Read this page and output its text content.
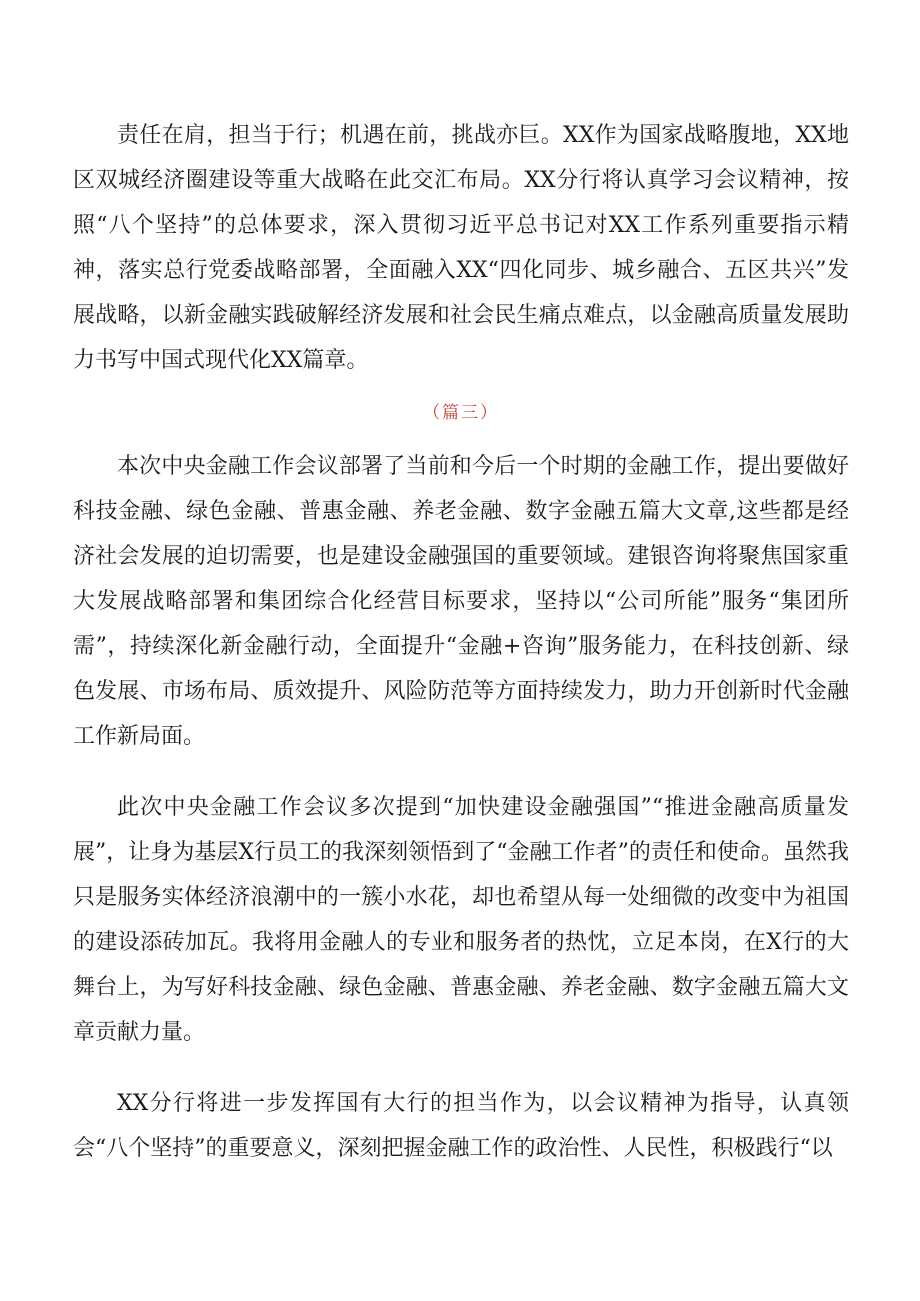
责任在肩，担当于行；机遇在前，挑战亦巨。XX作为国家战略腹地，XX地区双城经济圈建设等重大战略在此交汇布局。XX分行将认真学习会议精神，按照“八个坚持”的总体要求，深入贯彻习近平总书记对XX工作系列重要指示精神，落实总行党委战略部署，全面融入XX“四化同步、城乡融合、五区共兴”发展战略，以新金融实践破解经济发展和社会民生痛点难点，以金融高质量发展助力书写中国式现代化XX篇章。

（篇三）

本次中央金融工作会议部署了当前和今后一个时期的金融工作，提出要做好科技金融、绿色金融、普惠金融、养老金融、数字金融五篇大文章,这些都是经济社会发展的迫切需要，也是建设金融强国的重要领域。建银咨询将聚焦国家重大发展战略部署和集团综合化经营目标要求，坚持以“公司所能”服务“集团所需”，持续深化新金融行动，全面提升“金融+咨询”服务能力，在科技创新、绿色发展、市场布局、质效提升、风险防范等方面持续发力，助力开创新时代金融工作新局面。

此次中央金融工作会议多次提到“加快建设金融强国”“推进金融高质量发展”，让身为基层X行员工的我深刻领悟到了“金融工作者”的责任和使命。虽然我只是服务实体经济浪潮中的一簇小水花，却也希望从每一处细微的改变中为祖国的建设添砖加瓦。我将用金融人的专业和服务者的热忱，立足本岗，在X行的大舞台上，为写好科技金融、绿色金融、普惠金融、养老金融、数字金融五篇大文章贡献力量。

XX分行将进一步发挥国有大行的担当作为，以会议精神为指导，认真领会“八个坚持”的重要意义，深刻把握金融工作的政治性、人民性，积极践行“以
